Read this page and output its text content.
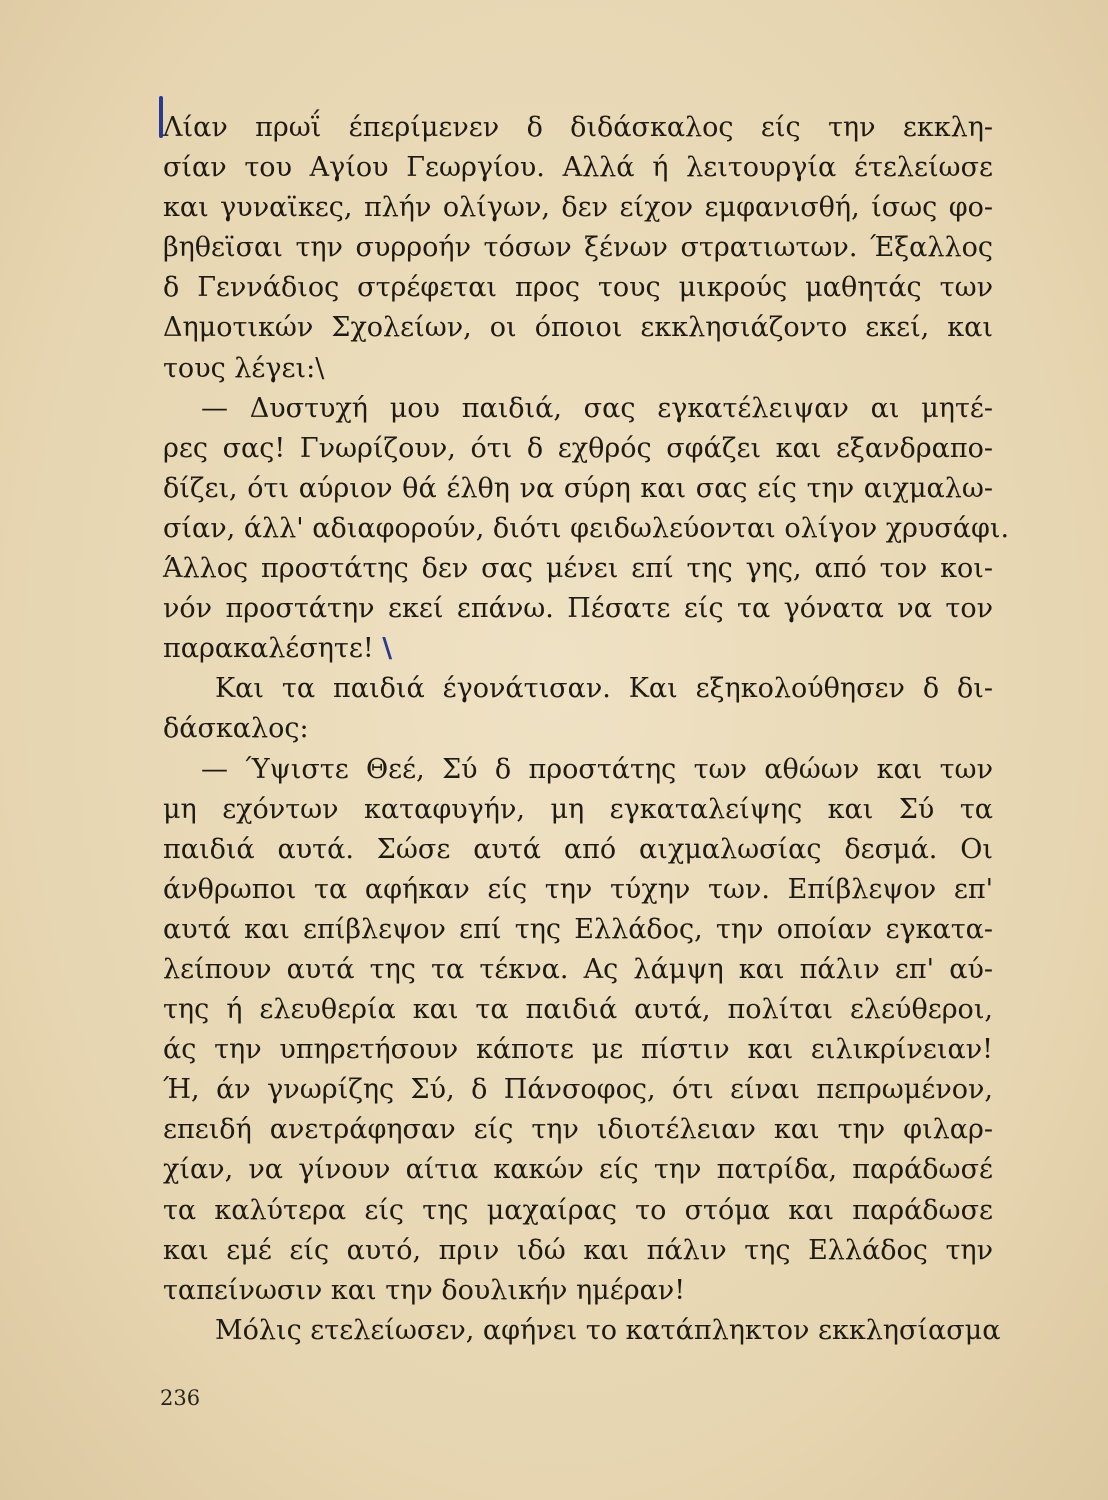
Λίαν πρωΐ έπερίμενεν δ διδάσκαλος είς την εκκλη-
σίαν του Αγίου Γεωργίου. Αλλά ή λειτουργία έτελείωσε
και γυναϊκες, πλήν ολίγων, δεν είχον εμφανισθή, ίσως φο-
βηθεϊσαι την συρροήν τόσων ξένων στρατιωτων. Έξαλλος
δ Γεννάδιος στρέφεται προς τους μικρούς μαθητάς των
Δημοτικών Σχολείων, οι όποιοι εκκλησιάζοντο εκεί, και
τους λέγει:\
— Δυστυχή μου παιδιά, σας εγκατέλειψαν αι μητέ-
ρες σας! Γνωρίζουν, ότι δ εχθρός σφάζει και εξανδραπο-
δίζει, ότι αύριον θά έλθη να σύρη και σας είς την αιχμαλω-
σίαν, άλλ' αδιαφορούν, διότι φειδωλεύονται ολίγον χρυσάφι.
Άλλος προστάτης δεν σας μένει επί της γης, από τον κοι-
νόν προστάτην εκεί επάνω. Πέσατε είς τα γόνατα να τον
παρακαλέσητε! \
Και τα παιδιά έγονάτισαν. Και εξηκολούθησεν δ δι-
δάσκαλος:
— Ύψιστε Θεέ, Σύ δ προστάτης των αθώων και των
μη εχόντων καταφυγήν, μη εγκαταλείψης και Σύ τα
παιδιά αυτά. Σώσε αυτά από αιχμαλωσίας δεσμά. Οι
άνθρωποι τα αφήκαν είς την τύχην των. Επίβλεψον επ'
αυτά και επίβλεψον επί της Ελλάδος, την οποίαν εγκατα-
λείπουν αυτά της τα τέκνα. Ας λάμψη και πάλιν επ' αύ-
της ή ελευθερία και τα παιδιά αυτά, πολίται ελεύθεροι,
άς την υπηρετήσουν κάποτε με πίστιν και ειλικρίνειαν!
Ή, άν γνωρίζης Σύ, δ Πάνσοφος, ότι είναι πεπρωμένον,
επειδή ανετράφησαν είς την ιδιοτέλειαν και την φιλαρ-
χίαν, να γίνουν αίτια κακών είς την πατρίδα, παράδωσέ
τα καλύτερα είς της μαχαίρας το στόμα και παράδωσε
και εμέ είς αυτό, πριν ιδώ και πάλιν της Ελλάδος την
ταπείνωσιν και την δουλικήν ημέραν!
Μόλις ετελείωσεν, αφήνει το κατάπληκτον εκκλησίασμα
236
